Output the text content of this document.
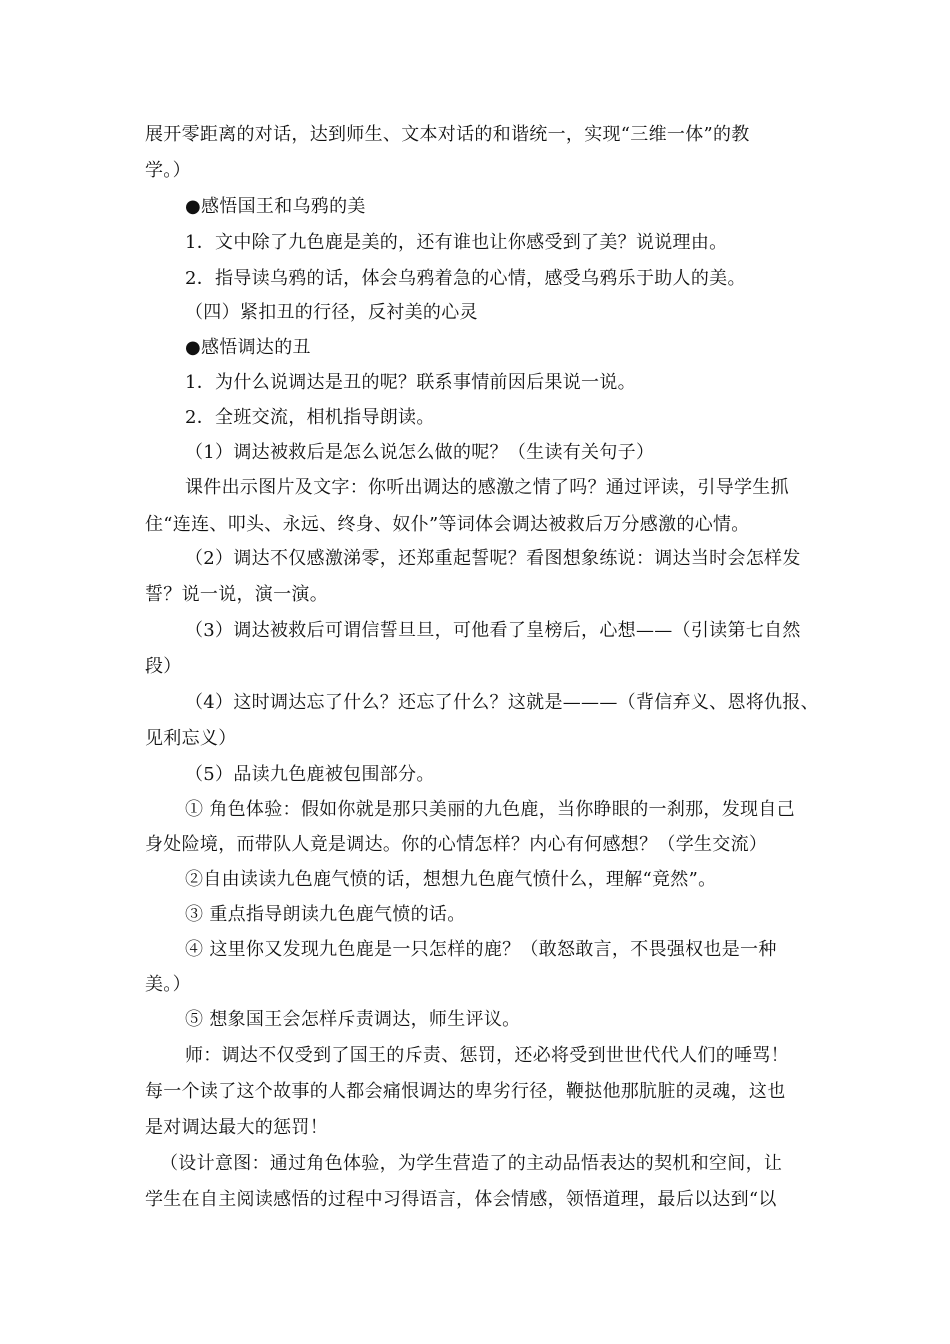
展开零距离的对话，达到师生、文本对话的和谐统一，实现“三维一体”的教
学。）
●感悟国王和乌鸦的美
1．文中除了九色鹿是美的，还有谁也让你感受到了美？说说理由。
2．指导读乌鸦的话，体会乌鸦着急的心情，感受乌鸦乐于助人的美。
（四）紧扣丑的行径，反衬美的心灵
●感悟调达的丑
1．为什么说调达是丑的呢？联系事情前因后果说一说。
2．全班交流，相机指导朗读。
（1）调达被救后是怎么说怎么做的呢？（生读有关句子）
课件出示图片及文字：你听出调达的感激之情了吗？通过评读，引导学生抓
住“连连、叩头、永远、终身、奴仆”等词体会调达被救后万分感激的心情。
（2）调达不仅感激涕零，还郑重起誓呢？看图想象练说：调达当时会怎样发
誓？说一说，演一演。
（3）调达被救后可谓信誓旦旦，可他看了皇榜后，心想——（引读第七自然
段）
（4）这时调达忘了什么？还忘了什么？这就是———（背信弃义、恩将仇报、
见利忘义）
（5）品读九色鹿被包围部分。
① 角色体验：假如你就是那只美丽的九色鹿，当你睁眼的一刹那，发现自己
身处险境，而带队人竟是调达。你的心情怎样？内心有何感想？（学生交流）
②自由读读九色鹿气愤的话，想想九色鹿气愤什么，理解“竟然”。
③ 重点指导朗读九色鹿气愤的话。
④ 这里你又发现九色鹿是一只怎样的鹿？（敢怒敢言，不畏强权也是一种
美。）
⑤ 想象国王会怎样斥责调达，师生评议。
师：调达不仅受到了国王的斥责、惩罚，还必将受到世世代代人们的唾骂！
每一个读了这个故事的人都会痛恨调达的卑劣行径，鞭挞他那肮脏的灵魂，这也
是对调达最大的惩罚！
（设计意图：通过角色体验，为学生营造了的主动品悟表达的契机和空间，让
学生在自主阅读感悟的过程中习得语言，体会情感，领悟道理，最后以达到“以
